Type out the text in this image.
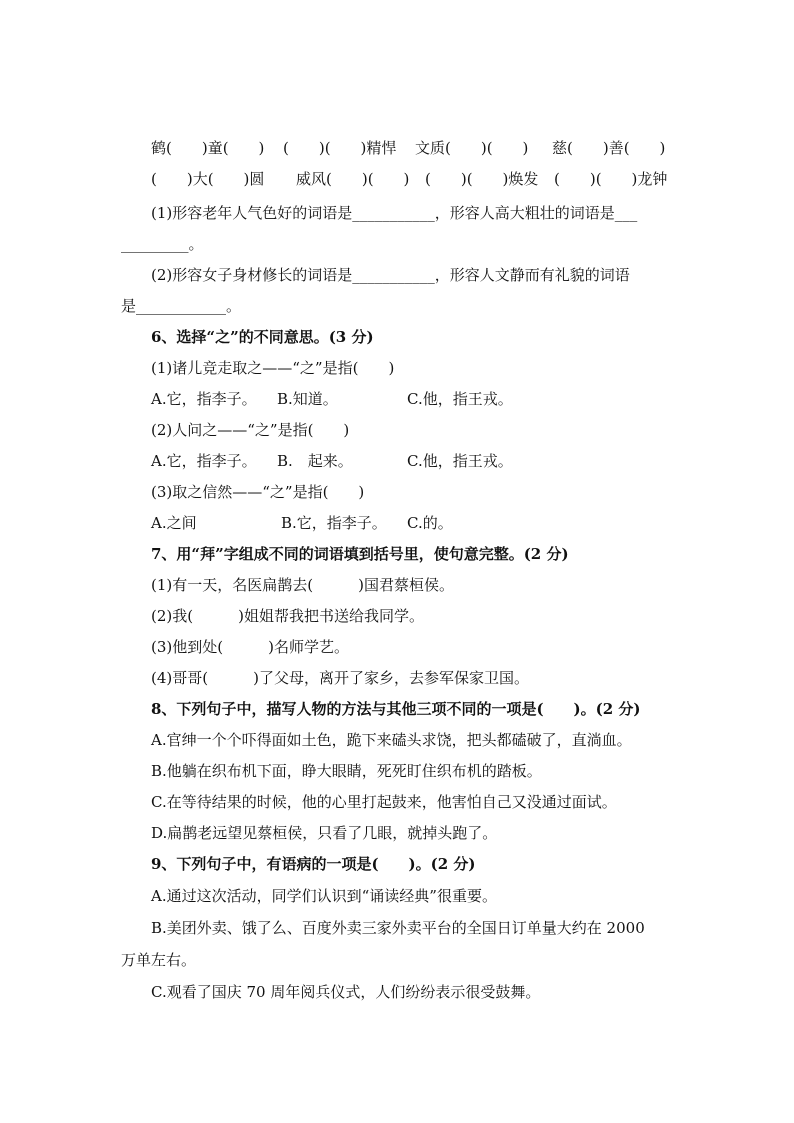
鹤(　　)童(　　)

(　　)(　　)精悍

文质(　　)(　　)

慈(　　)善(　　)

(　　)大(　　)圆

威风(　　)(　　)

(　　)(　　)焕发

(　　)(　　)龙钟

(1)形容老年人气色好的词语是___________，形容人高大粗壮的词语是___

_________。

(2)形容女子身材修长的词语是___________，形容人文静而有礼貌的词语

是____________。

6、选择“之”的不同意思。(3 分)

(1)诸儿竞走取之——“之”是指(　　)

A.它，指李子。

B.知道。

	C.他，指王戎。

(2)人问之——“之”是指(　　)

A.它，指李子。

B.　起来。

	C.他，指王戎。

(3)取之信然——“之”是指(　　)

A.之间

	B.它，指李子。

C.的。

7、用“拜”字组成不同的词语填到括号里，使句意完整。(2 分)

(1)有一天，名医扁鹊去(　　　)国君蔡桓侯。

(2)我(　　　)姐姐帮我把书送给我同学。

(3)他到处(　　　)名师学艺。

(4)哥哥(　　　)了父母，离开了家乡，去参军保家卫国。

8、下列句子中，描写人物的方法与其他三项不同的一项是(　　)。(2 分)

A.官绅一个个吓得面如土色，跪下来磕头求饶，把头都磕破了，直淌血。

B.他躺在织布机下面，睁大眼睛，死死盯住织布机的踏板。

C.在等待结果的时候，他的心里打起鼓来，他害怕自己又没通过面试。

D.扁鹊老远望见蔡桓侯，只看了几眼，就掉头跑了。

9、下列句子中，有语病的一项是(　　)。(2 分)

A.通过这次活动，同学们认识到“诵读经典”很重要。

B.美团外卖、饿了么、百度外卖三家外卖平台的全国日订单量大约在 2000

万单左右。

C.观看了国庆 70 周年阅兵仪式，人们纷纷表示很受鼓舞。
